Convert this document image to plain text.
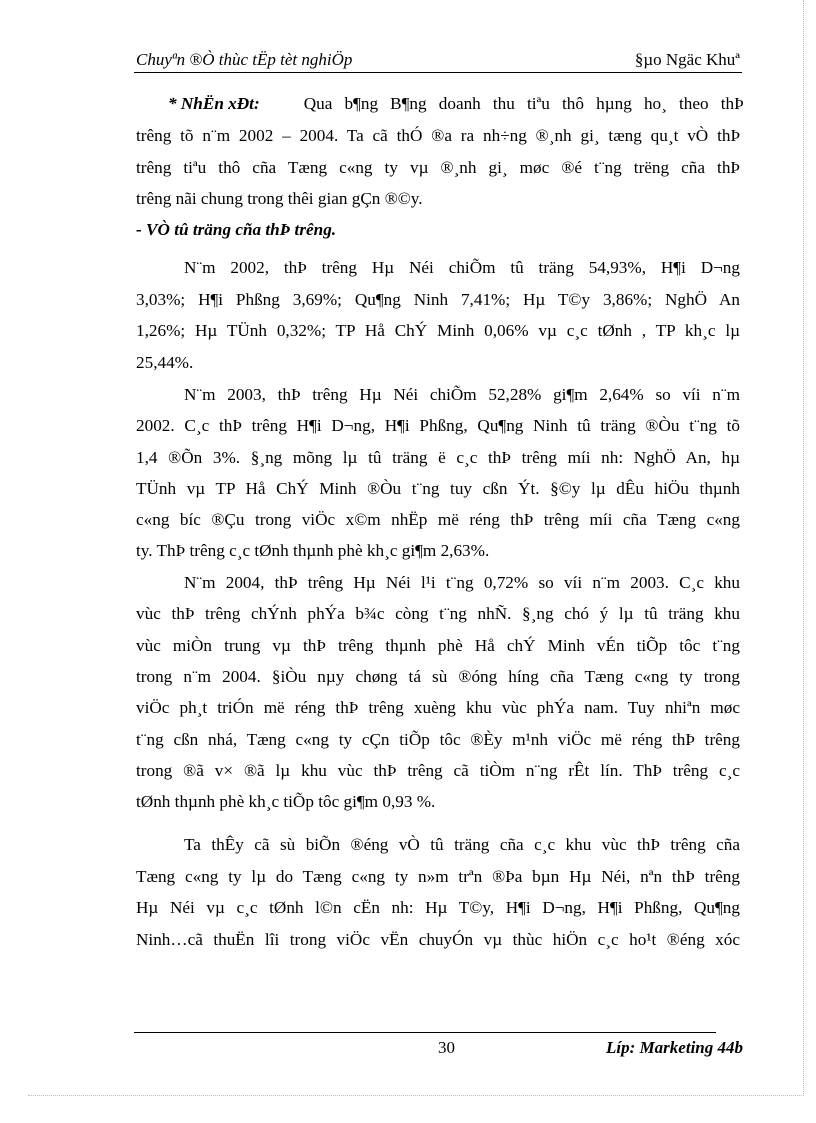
Chuyªn ®Ò thùc tËp tèt nghiÖp	§µo Ngäc Khuª
* NhËn xÐt:	Qua b¶ng B¶ng doanh thu tiªu thô hµng ho¸ theo thÞ
trêng tõ n¨m 2002 – 2004. Ta cã thÓ ®a ra nh÷ng ®¸nh gi¸ tæng qu¸t vÒ thÞ
trêng tiªu thô cña Tæng c«ng ty vµ ®¸nh gi¸ møc ®é t¨ng trëng cña thÞ
trêng nãi chung trong thêi gian gÇn ®©y.
- VÒ tû träng cña thÞ trêng.
N¨m 2002, thÞ trêng Hµ Néi chiÕm tû träng 54,93%, H¶i D¬ng
3,03%; H¶i Phßng 3,69%; Qu¶ng Ninh 7,41%; Hµ T©y 3,86%; NghÖ An
1,26%; Hµ TÜnh 0,32%; TP Hå ChÝ Minh 0,06% vµ c¸c tØnh , TP kh¸c lµ
25,44%.
N¨m 2003, thÞ trêng Hµ Néi chiÕm 52,28% gi¶m 2,64% so víi n¨m
2002. C¸c thÞ trêng H¶i D¬ng, H¶i Phßng, Qu¶ng Ninh tû träng ®Òu t¨ng tõ
1,4 ®Õn 3%. §¸ng mõng lµ tû träng ë c¸c thÞ trêng míi nh: NghÖ An, hµ
TÜnh vµ TP Hå ChÝ Minh ®Òu t¨ng tuy cßn Ýt. §©y lµ dÊu hiÖu thµnh
c«ng bíc ®Çu trong viÖc x©m nhËp më réng thÞ trêng míi cña Tæng c«ng
ty. ThÞ trêng c¸c tØnh thµnh phè kh¸c gi¶m 2,63%.
N¨m 2004, thÞ trêng Hµ Néi l¹i t¨ng 0,72% so víi n¨m 2003. C¸c khu
vùc thÞ trêng chÝnh phÝa b¾c còng t¨ng nhÑ. §¸ng chó ý lµ tû träng khu
vùc miÒn trung vµ thÞ trêng thµnh phè Hå chÝ Minh vÉn tiÕp tôc t¨ng
trong n¨m 2004. §iÒu nµy chøng tá sù ®óng híng cña Tæng c«ng ty trong
viÖc ph¸t triÓn më réng thÞ trêng xuèng khu vùc phÝa nam. Tuy nhiªn møc
t¨ng cßn nhá, Tæng c«ng ty cÇn tiÕp tôc ®Èy m¹nh viÖc më réng thÞ trêng
trong ®ã v× ®ã lµ khu vùc thÞ trêng cã tiÒm n¨ng rÊt lín. ThÞ trêng c¸c
tØnh thµnh phè kh¸c tiÕp tôc gi¶m 0,93 %.
Ta thÊy cã sù biÕn ®éng vÒ tû träng cña c¸c khu vùc thÞ trêng cña
Tæng c«ng ty lµ do Tæng c«ng ty n»m trªn ®Þa bµn Hµ Néi, nªn thÞ trêng
Hµ Néi vµ c¸c tØnh l©n cËn nh: Hµ T©y, H¶i D¬ng, H¶i Phßng, Qu¶ng
Ninh…cã thuËn lîi trong viÖc vËn chuyÓn vµ thùc hiÖn c¸c ho¹t ®éng xóc
30	Líp: Marketing 44b
